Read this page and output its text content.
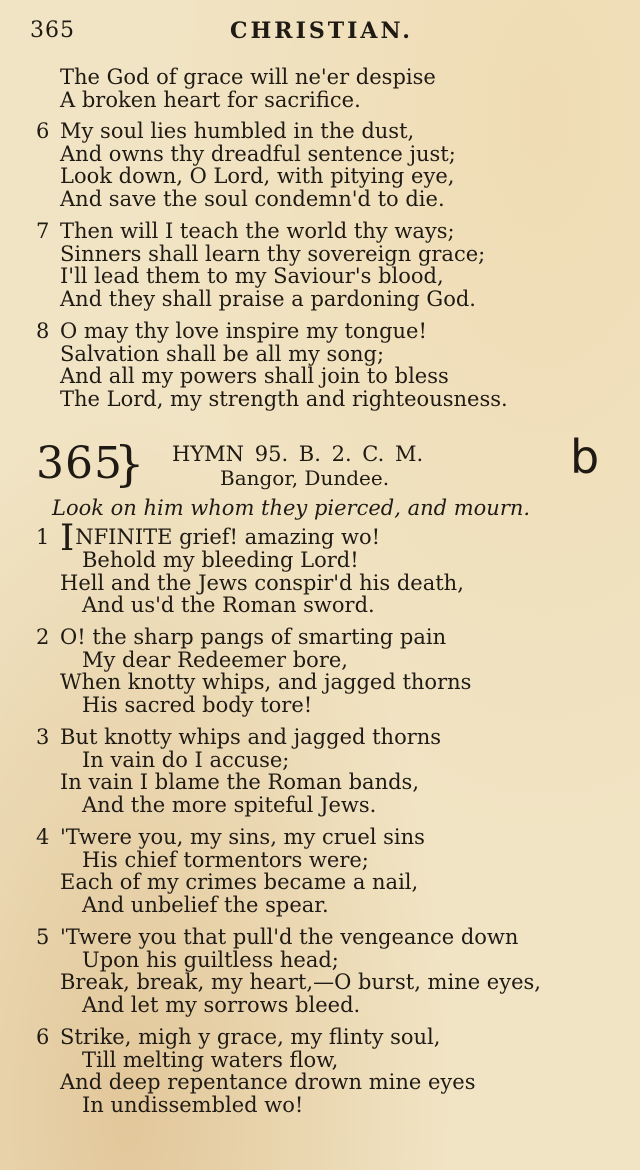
365	CHRISTIAN.
The God of grace will ne'er despise
A broken heart for sacrifice.
6 My soul lies humbled in the dust,
And owns thy dreadful sentence just;
Look down, O Lord, with pitying eye,
And save the soul condemn'd to die.
7 Then will I teach the world thy ways;
Sinners shall learn thy sovereign grace;
I'll lead them to my Saviour's blood,
And they shall praise a pardoning God.
8 O may thy love inspire my tongue!
Salvation shall be all my song;
And all my powers shall join to bless
The Lord, my strength and righteousness.
365
} HYMN 95. B. 2. C. M.
Bangor, Dundee.	b
Look on him whom they pierced, and mourn.
1 INFINITE grief! amazing wo!
Behold my bleeding Lord!
Hell and the Jews conspir'd his death,
And us'd the Roman sword.
2 O! the sharp pangs of smarting pain
My dear Redeemer bore,
When knotty whips, and jagged thorns
His sacred body tore!
3 But knotty whips and jagged thorns
In vain do I accuse;
In vain I blame the Roman bands,
And the more spiteful Jews.
4 'Twere you, my sins, my cruel sins
His chief tormentors were;
Each of my crimes became a nail,
And unbelief the spear.
5 'Twere you that pull'd the vengeance down
Upon his guiltless head;
Break, break, my heart,—O burst, mine eyes,
And let my sorrows bleed.
6 Strike, migh y grace, my flinty soul,
Till melting waters flow,
And deep repentance drown mine eyes
In undissembled wo!
